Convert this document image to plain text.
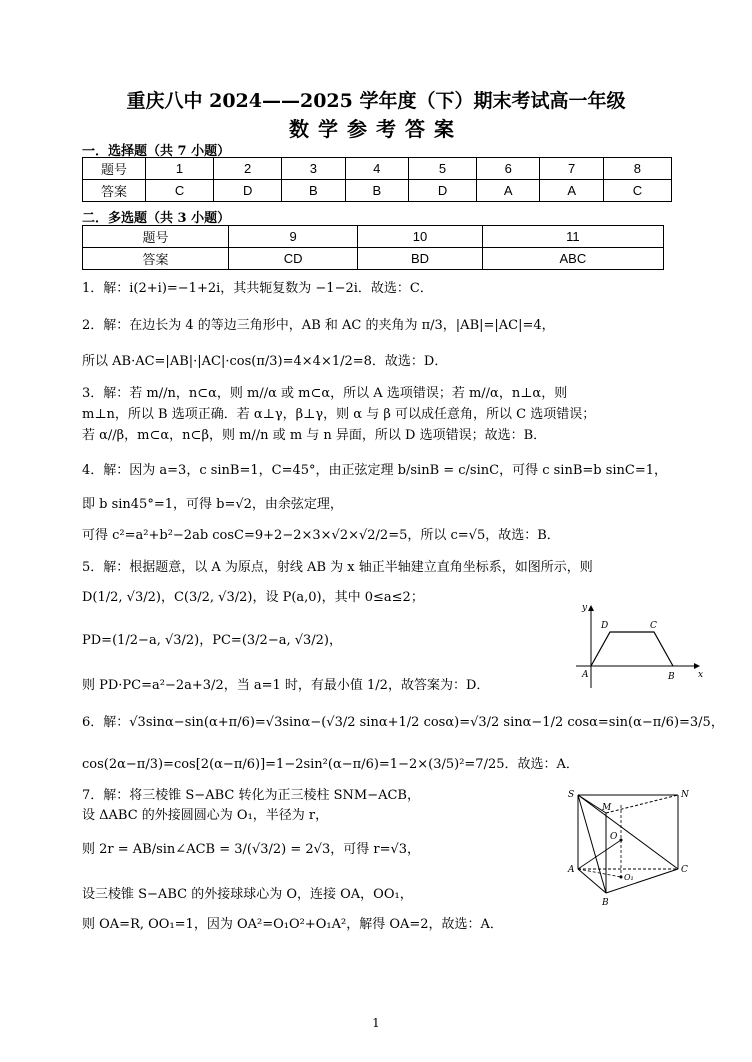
重庆八中 2024——2025 学年度（下）期末考试高一年级
数学参考答案
一．选择题（共 7 小题）
题号	1	2	3	4	5	6	7	8
答案	C	D	B	B	D	A	A	C
二．多选题（共 3 小题）
题号	9	10	11
答案	CD	BD	ABC
1．解：i(2+i)=−1+2i，其共轭复数为 −1−2i．故选：C．
2．解：在边长为 4 的等边三角形中，AB 和 AC 的夹角为 π/3，|AB|=|AC|=4，
所以 AB·AC=|AB|·|AC|·cos(π/3)=4×4×1/2=8．故选：D．
3．解：若 m//n，n⊂α，则 m//α 或 m⊂α，所以 A 选项错误；若 m//α，n⊥α，则
m⊥n，所以 B 选项正确．若 α⊥γ，β⊥γ，则 α 与 β 可以成任意角，所以 C 选项错误；
若 α//β，m⊂α，n⊂β，则 m//n 或 m 与 n 异面，所以 D 选项错误；故选：B．
4．解：因为 a=3，c sinB=1，C=45°，由正弦定理 b/sinB = c/sinC，可得 c sinB=b sinC=1，
即 b sin45°=1，可得 b=√2，由余弦定理，
可得 c²=a²+b²−2ab cosC=9+2−2×3×√2×√2/2=5，所以 c=√5，故选：B．
5．解：根据题意，以 A 为原点，射线 AB 为 x 轴正半轴建立直角坐标系，如图所示，则
D(1/2, √3/2)，C(3/2, √3/2)，设 P(a,0)，其中 0≤a≤2；
PD=(1/2−a, √3/2)，PC=(3/2−a, √3/2)，
则 PD·PC=a²−2a+3/2，当 a=1 时，有最小值 1/2，故答案为：D．
y
x
A	B
C
D
6．解：√3sinα−sin(α+π/6)=√3sinα−(√3/2 sinα+1/2 cosα)=√3/2 sinα−1/2 cosα=sin(α−π/6)=3/5，
cos(2α−π/3)=cos[2(α−π/6)]=1−2sin²(α−π/6)=1−2×(3/5)²=7/25．故选：A．
7．解：将三棱锥 S−ABC 转化为正三棱柱 SNM−ACB，
设 ΔABC 的外接圆圆心为 O₁，半径为 r，
则 2r = AB/sin∠ACB = 3/(√3/2) = 2√3，可得 r=√3，
设三棱锥 S−ABC 的外接球球心为 O，连接 OA，OO₁，
则 OA=R, OO₁=1，因为 OA²=O₁O²+O₁A²，解得 OA=2，故选：A．
S
M
N
O
A
O₁
C
B
1
